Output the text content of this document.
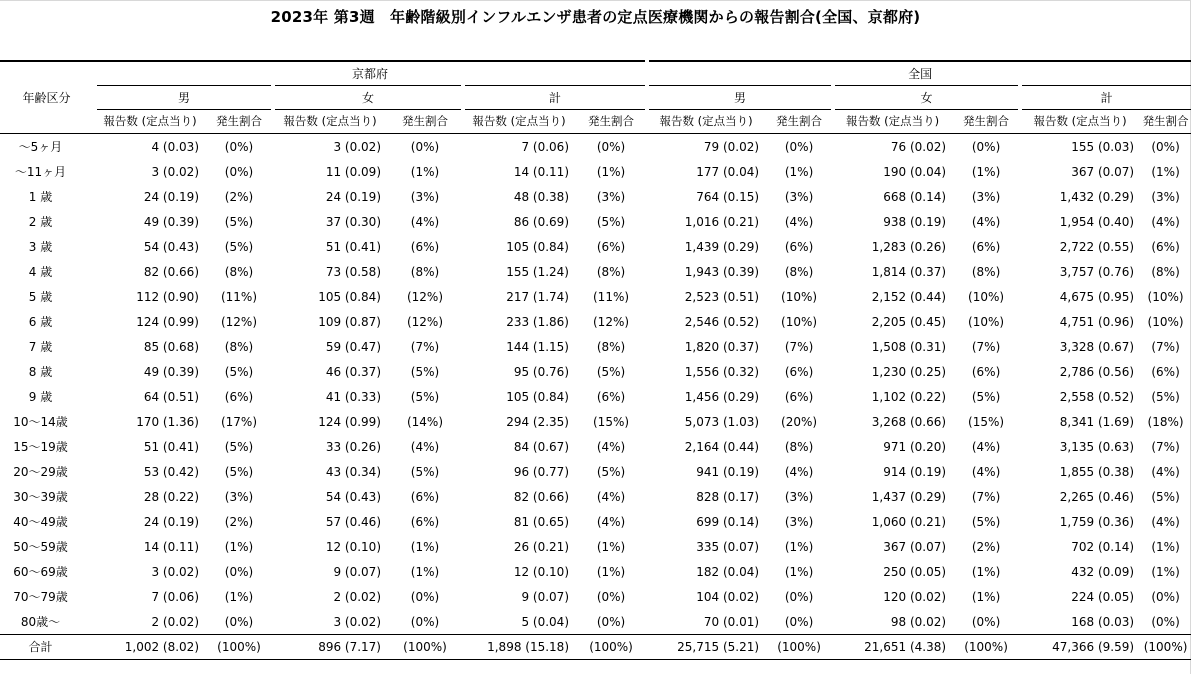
2023年 第3週　年齢階級別インフルエンザ患者の定点医療機関からの報告割合(全国、京都府)
	京都府						全国					
年齢区分	男		女		計		男		女		計	
	報告数 (定点当り)	発生割合	報告数 (定点当り)	発生割合	報告数 (定点当り)	発生割合	報告数 (定点当り)	発生割合	報告数 (定点当り)	発生割合	報告数 (定点当り)	発生割合
～5ヶ月	4 (0.03)	(0%)	3 (0.02)	(0%)	7 (0.06)	(0%)	79 (0.02)	(0%)	76 (0.02)	(0%)	155 (0.03)	(0%)
～11ヶ月	3 (0.02)	(0%)	11 (0.09)	(1%)	14 (0.11)	(1%)	177 (0.04)	(1%)	190 (0.04)	(1%)	367 (0.07)	(1%)
1 歳	24 (0.19)	(2%)	24 (0.19)	(3%)	48 (0.38)	(3%)	764 (0.15)	(3%)	668 (0.14)	(3%)	1,432 (0.29)	(3%)
2 歳	49 (0.39)	(5%)	37 (0.30)	(4%)	86 (0.69)	(5%)	1,016 (0.21)	(4%)	938 (0.19)	(4%)	1,954 (0.40)	(4%)
3 歳	54 (0.43)	(5%)	51 (0.41)	(6%)	105 (0.84)	(6%)	1,439 (0.29)	(6%)	1,283 (0.26)	(6%)	2,722 (0.55)	(6%)
4 歳	82 (0.66)	(8%)	73 (0.58)	(8%)	155 (1.24)	(8%)	1,943 (0.39)	(8%)	1,814 (0.37)	(8%)	3,757 (0.76)	(8%)
5 歳	112 (0.90)	(11%)	105 (0.84)	(12%)	217 (1.74)	(11%)	2,523 (0.51)	(10%)	2,152 (0.44)	(10%)	4,675 (0.95)	(10%)
6 歳	124 (0.99)	(12%)	109 (0.87)	(12%)	233 (1.86)	(12%)	2,546 (0.52)	(10%)	2,205 (0.45)	(10%)	4,751 (0.96)	(10%)
7 歳	85 (0.68)	(8%)	59 (0.47)	(7%)	144 (1.15)	(8%)	1,820 (0.37)	(7%)	1,508 (0.31)	(7%)	3,328 (0.67)	(7%)
8 歳	49 (0.39)	(5%)	46 (0.37)	(5%)	95 (0.76)	(5%)	1,556 (0.32)	(6%)	1,230 (0.25)	(6%)	2,786 (0.56)	(6%)
9 歳	64 (0.51)	(6%)	41 (0.33)	(5%)	105 (0.84)	(6%)	1,456 (0.29)	(6%)	1,102 (0.22)	(5%)	2,558 (0.52)	(5%)
10～14歳	170 (1.36)	(17%)	124 (0.99)	(14%)	294 (2.35)	(15%)	5,073 (1.03)	(20%)	3,268 (0.66)	(15%)	8,341 (1.69)	(18%)
15～19歳	51 (0.41)	(5%)	33 (0.26)	(4%)	84 (0.67)	(4%)	2,164 (0.44)	(8%)	971 (0.20)	(4%)	3,135 (0.63)	(7%)
20～29歳	53 (0.42)	(5%)	43 (0.34)	(5%)	96 (0.77)	(5%)	941 (0.19)	(4%)	914 (0.19)	(4%)	1,855 (0.38)	(4%)
30～39歳	28 (0.22)	(3%)	54 (0.43)	(6%)	82 (0.66)	(4%)	828 (0.17)	(3%)	1,437 (0.29)	(7%)	2,265 (0.46)	(5%)
40～49歳	24 (0.19)	(2%)	57 (0.46)	(6%)	81 (0.65)	(4%)	699 (0.14)	(3%)	1,060 (0.21)	(5%)	1,759 (0.36)	(4%)
50～59歳	14 (0.11)	(1%)	12 (0.10)	(1%)	26 (0.21)	(1%)	335 (0.07)	(1%)	367 (0.07)	(2%)	702 (0.14)	(1%)
60～69歳	3 (0.02)	(0%)	9 (0.07)	(1%)	12 (0.10)	(1%)	182 (0.04)	(1%)	250 (0.05)	(1%)	432 (0.09)	(1%)
70～79歳	7 (0.06)	(1%)	2 (0.02)	(0%)	9 (0.07)	(0%)	104 (0.02)	(0%)	120 (0.02)	(1%)	224 (0.05)	(0%)
80歳～	2 (0.02)	(0%)	3 (0.02)	(0%)	5 (0.04)	(0%)	70 (0.01)	(0%)	98 (0.02)	(0%)	168 (0.03)	(0%)
合計	1,002 (8.02)	(100%)	896 (7.17)	(100%)	1,898 (15.18)	(100%)	25,715 (5.21)	(100%)	21,651 (4.38)	(100%)	47,366 (9.59)	(100%)
